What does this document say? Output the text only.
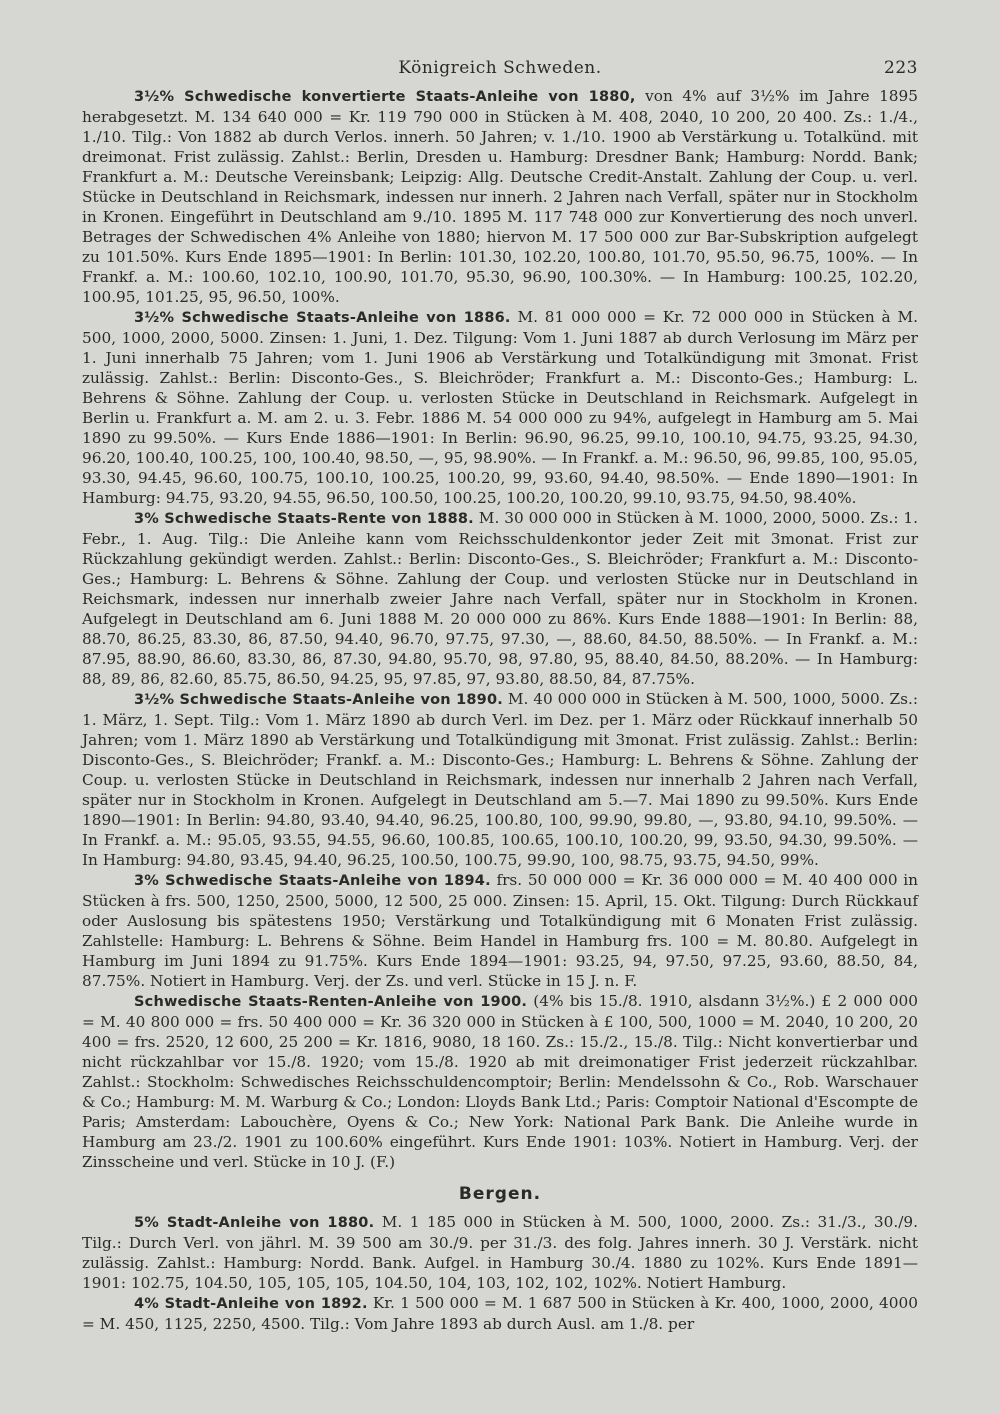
Königreich Schweden.	223

3½% Schwedische konvertierte Staats-Anleihe von 1880, von 4% auf 3½% im Jahre 1895 herabgesetzt. M. 134 640 000 = Kr. 119 790 000 in Stücken à M. 408, 2040, 10 200, 20 400. Zs.: 1./4., 1./10. Tilg.: Von 1882 ab durch Verlos. innerh. 50 Jahren; v. 1./10. 1900 ab Verstärkung u. Totalkünd. mit dreimonat. Frist zulässig. Zahlst.: Berlin, Dresden u. Hamburg: Dresdner Bank; Hamburg: Nordd. Bank; Frankfurt a. M.: Deutsche Vereinsbank; Leipzig: Allg. Deutsche Credit-Anstalt. Zahlung der Coup. u. verl. Stücke in Deutschland in Reichsmark, indessen nur innerh. 2 Jahren nach Verfall, später nur in Stockholm in Kronen. Eingeführt in Deutschland am 9./10. 1895 M. 117 748 000 zur Konvertierung des noch unverl. Betrages der Schwedischen 4% Anleihe von 1880; hiervon M. 17 500 000 zur Bar-Subskription aufgelegt zu 101.50%. Kurs Ende 1895—1901: In Berlin: 101.30, 102.20, 100.80, 101.70, 95.50, 96.75, 100%. — In Frankf. a. M.: 100.60, 102.10, 100.90, 101.70, 95.30, 96.90, 100.30%. — In Hamburg: 100.25, 102.20, 100.95, 101.25, 95, 96.50, 100%.

3½% Schwedische Staats-Anleihe von 1886. M. 81 000 000 = Kr. 72 000 000 in Stücken à M. 500, 1000, 2000, 5000. Zinsen: 1. Juni, 1. Dez. Tilgung: Vom 1. Juni 1887 ab durch Verlosung im März per 1. Juni innerhalb 75 Jahren; vom 1. Juni 1906 ab Verstärkung und Totalkündigung mit 3monat. Frist zulässig. Zahlst.: Berlin: Disconto-Ges., S. Bleichröder; Frankfurt a. M.: Disconto-Ges.; Hamburg: L. Behrens & Söhne. Zahlung der Coup. u. verlosten Stücke in Deutschland in Reichsmark. Aufgelegt in Berlin u. Frankfurt a. M. am 2. u. 3. Febr. 1886 M. 54 000 000 zu 94%, aufgelegt in Hamburg am 5. Mai 1890 zu 99.50%. — Kurs Ende 1886—1901: In Berlin: 96.90, 96.25, 99.10, 100.10, 94.75, 93.25, 94.30, 96.20, 100.40, 100.25, 100, 100.40, 98.50, —, 95, 98.90%. — In Frankf. a. M.: 96.50, 96, 99.85, 100, 95.05, 93.30, 94.45, 96.60, 100.75, 100.10, 100.25, 100.20, 99, 93.60, 94.40, 98.50%. — Ende 1890—1901: In Hamburg: 94.75, 93.20, 94.55, 96.50, 100.50, 100.25, 100.20, 100.20, 99.10, 93.75, 94.50, 98.40%.

3% Schwedische Staats-Rente von 1888. M. 30 000 000 in Stücken à M. 1000, 2000, 5000. Zs.: 1. Febr., 1. Aug. Tilg.: Die Anleihe kann vom Reichsschuldenkontor jeder Zeit mit 3monat. Frist zur Rückzahlung gekündigt werden. Zahlst.: Berlin: Disconto-Ges., S. Bleichröder; Frankfurt a. M.: Disconto-Ges.; Hamburg: L. Behrens & Söhne. Zahlung der Coup. und verlosten Stücke nur in Deutschland in Reichsmark, indessen nur innerhalb zweier Jahre nach Verfall, später nur in Stockholm in Kronen. Aufgelegt in Deutschland am 6. Juni 1888 M. 20 000 000 zu 86%. Kurs Ende 1888—1901: In Berlin: 88, 88.70, 86.25, 83.30, 86, 87.50, 94.40, 96.70, 97.75, 97.30, —, 88.60, 84.50, 88.50%. — In Frankf. a. M.: 87.95, 88.90, 86.60, 83.30, 86, 87.30, 94.80, 95.70, 98, 97.80, 95, 88.40, 84.50, 88.20%. — In Hamburg: 88, 89, 86, 82.60, 85.75, 86.50, 94.25, 95, 97.85, 97, 93.80, 88.50, 84, 87.75%.

3½% Schwedische Staats-Anleihe von 1890. M. 40 000 000 in Stücken à M. 500, 1000, 5000. Zs.: 1. März, 1. Sept. Tilg.: Vom 1. März 1890 ab durch Verl. im Dez. per 1. März oder Rückkauf innerhalb 50 Jahren; vom 1. März 1890 ab Verstärkung und Totalkündigung mit 3monat. Frist zulässig. Zahlst.: Berlin: Disconto-Ges., S. Bleichröder; Frankf. a. M.: Disconto-Ges.; Hamburg: L. Behrens & Söhne. Zahlung der Coup. u. verlosten Stücke in Deutschland in Reichsmark, indessen nur innerhalb 2 Jahren nach Verfall, später nur in Stockholm in Kronen. Aufgelegt in Deutschland am 5.—7. Mai 1890 zu 99.50%. Kurs Ende 1890—1901: In Berlin: 94.80, 93.40, 94.40, 96.25, 100.80, 100, 99.90, 99.80, —, 93.80, 94.10, 99.50%. — In Frankf. a. M.: 95.05, 93.55, 94.55, 96.60, 100.85, 100.65, 100.10, 100.20, 99, 93.50, 94.30, 99.50%. — In Hamburg: 94.80, 93.45, 94.40, 96.25, 100.50, 100.75, 99.90, 100, 98.75, 93.75, 94.50, 99%.

3% Schwedische Staats-Anleihe von 1894. frs. 50 000 000 = Kr. 36 000 000 = M. 40 400 000 in Stücken à frs. 500, 1250, 2500, 5000, 12 500, 25 000. Zinsen: 15. April, 15. Okt. Tilgung: Durch Rückkauf oder Auslosung bis spätestens 1950; Verstärkung und Totalkündigung mit 6 Monaten Frist zulässig. Zahlstelle: Hamburg: L. Behrens & Söhne. Beim Handel in Hamburg frs. 100 = M. 80.80. Aufgelegt in Hamburg im Juni 1894 zu 91.75%. Kurs Ende 1894—1901: 93.25, 94, 97.50, 97.25, 93.60, 88.50, 84, 87.75%. Notiert in Hamburg. Verj. der Zs. und verl. Stücke in 15 J. n. F.

Schwedische Staats-Renten-Anleihe von 1900. (4% bis 15./8. 1910, alsdann 3½%.) £ 2 000 000 = M. 40 800 000 = frs. 50 400 000 = Kr. 36 320 000 in Stücken à £ 100, 500, 1000 = M. 2040, 10 200, 20 400 = frs. 2520, 12 600, 25 200 = Kr. 1816, 9080, 18 160. Zs.: 15./2., 15./8. Tilg.: Nicht konvertierbar und nicht rückzahlbar vor 15./8. 1920; vom 15./8. 1920 ab mit dreimonatiger Frist jederzeit rückzahlbar. Zahlst.: Stockholm: Schwedisches Reichsschuldencomptoir; Berlin: Mendelssohn & Co., Rob. Warschauer & Co.; Hamburg: M. M. Warburg & Co.; London: Lloyds Bank Ltd.; Paris: Comptoir National d'Escompte de Paris; Amsterdam: Labouchère, Oyens & Co.; New York: National Park Bank. Die Anleihe wurde in Hamburg am 23./2. 1901 zu 100.60% eingeführt. Kurs Ende 1901: 103%. Notiert in Hamburg. Verj. der Zinsscheine und verl. Stücke in 10 J. (F.)

Bergen.

5% Stadt-Anleihe von 1880. M. 1 185 000 in Stücken à M. 500, 1000, 2000. Zs.: 31./3., 30./9. Tilg.: Durch Verl. von jährl. M. 39 500 am 30./9. per 31./3. des folg. Jahres innerh. 30 J. Verstärk. nicht zulässig. Zahlst.: Hamburg: Nordd. Bank. Aufgel. in Hamburg 30./4. 1880 zu 102%. Kurs Ende 1891—1901: 102.75, 104.50, 105, 105, 105, 104.50, 104, 103, 102, 102, 102%. Notiert Hamburg.

4% Stadt-Anleihe von 1892. Kr. 1 500 000 = M. 1 687 500 in Stücken à Kr. 400, 1000, 2000, 4000 = M. 450, 1125, 2250, 4500. Tilg.: Vom Jahre 1893 ab durch Ausl. am 1./8. per
